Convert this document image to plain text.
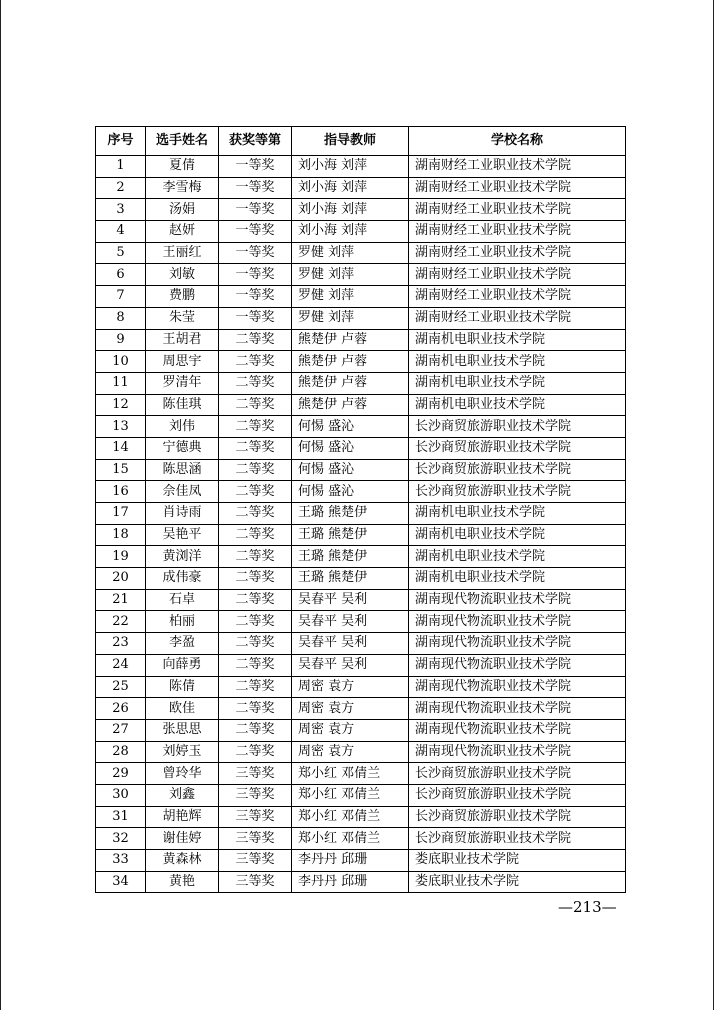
序号	选手姓名	获奖等第	指导教师	学校名称
1	夏倩	一等奖	刘小海 刘萍	湖南财经工业职业技术学院
2	李雪梅	一等奖	刘小海 刘萍	湖南财经工业职业技术学院
3	汤娟	一等奖	刘小海 刘萍	湖南财经工业职业技术学院
4	赵妍	一等奖	刘小海 刘萍	湖南财经工业职业技术学院
5	王丽红	一等奖	罗健 刘萍	湖南财经工业职业技术学院
6	刘敏	一等奖	罗健 刘萍	湖南财经工业职业技术学院
7	费鹏	一等奖	罗健 刘萍	湖南财经工业职业技术学院
8	朱莹	一等奖	罗健 刘萍	湖南财经工业职业技术学院
9	王胡君	二等奖	熊楚伊 卢蓉	湖南机电职业技术学院
10	周思宇	二等奖	熊楚伊 卢蓉	湖南机电职业技术学院
11	罗清年	二等奖	熊楚伊 卢蓉	湖南机电职业技术学院
12	陈佳琪	二等奖	熊楚伊 卢蓉	湖南机电职业技术学院
13	刘伟	二等奖	何惕 盛沁	长沙商贸旅游职业技术学院
14	宁德典	二等奖	何惕 盛沁	长沙商贸旅游职业技术学院
15	陈思涵	二等奖	何惕 盛沁	长沙商贸旅游职业技术学院
16	佘佳凤	二等奖	何惕 盛沁	长沙商贸旅游职业技术学院
17	肖诗雨	二等奖	王璐 熊楚伊	湖南机电职业技术学院
18	吴艳平	二等奖	王璐 熊楚伊	湖南机电职业技术学院
19	黄浏洋	二等奖	王璐 熊楚伊	湖南机电职业技术学院
20	成伟豪	二等奖	王璐 熊楚伊	湖南机电职业技术学院
21	石卓	二等奖	吴春平 吴利	湖南现代物流职业技术学院
22	柏丽	二等奖	吴春平 吴利	湖南现代物流职业技术学院
23	李盈	二等奖	吴春平 吴利	湖南现代物流职业技术学院
24	向薛勇	二等奖	吴春平 吴利	湖南现代物流职业技术学院
25	陈倩	二等奖	周密 袁方	湖南现代物流职业技术学院
26	欧佳	二等奖	周密 袁方	湖南现代物流职业技术学院
27	张思思	二等奖	周密 袁方	湖南现代物流职业技术学院
28	刘婷玉	二等奖	周密 袁方	湖南现代物流职业技术学院
29	曾玲华	三等奖	郑小红 邓倩兰	长沙商贸旅游职业技术学院
30	刘鑫	三等奖	郑小红 邓倩兰	长沙商贸旅游职业技术学院
31	胡艳辉	三等奖	郑小红 邓倩兰	长沙商贸旅游职业技术学院
32	谢佳婷	三等奖	郑小红 邓倩兰	长沙商贸旅游职业技术学院
33	黄森林	三等奖	李丹丹 邱珊	娄底职业技术学院
34	黄艳	三等奖	李丹丹 邱珊	娄底职业技术学院
—213—
